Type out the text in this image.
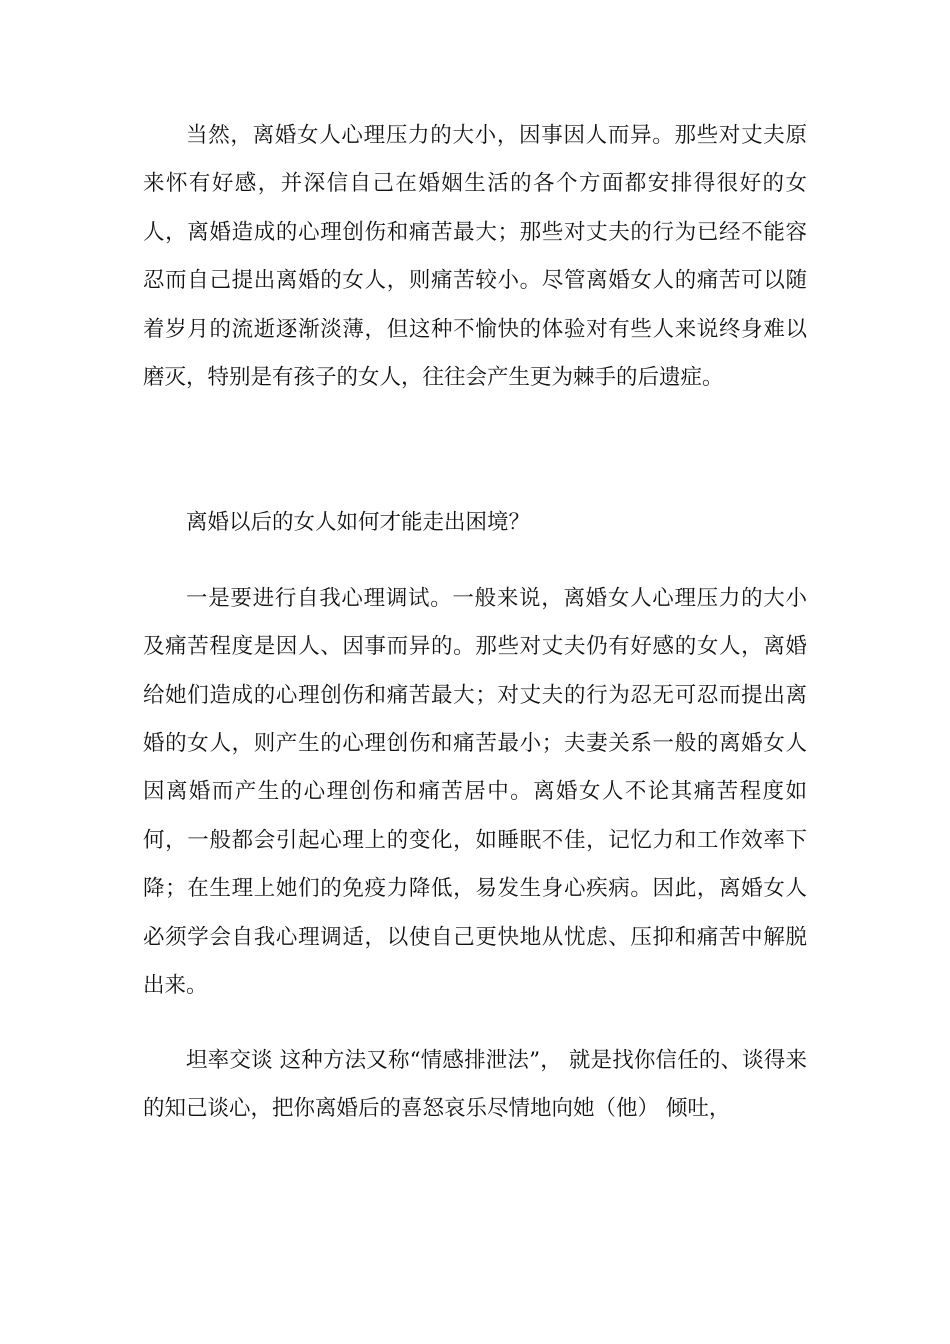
当然，离婚女人心理压力的大小，因事因人而异。那些对丈夫原来怀有好感，并深信自己在婚姻生活的各个方面都安排得很好的女人，离婚造成的心理创伤和痛苦最大；那些对丈夫的行为已经不能容忍而自己提出离婚的女人，则痛苦较小。尽管离婚女人的痛苦可以随着岁月的流逝逐渐淡薄，但这种不愉快的体验对有些人来说终身难以磨灭，特别是有孩子的女人，往往会产生更为棘手的后遗症。

离婚以后的女人如何才能走出困境？

一是要进行自我心理调试。一般来说，离婚女人心理压力的大小及痛苦程度是因人、因事而异的。那些对丈夫仍有好感的女人，离婚给她们造成的心理创伤和痛苦最大；对丈夫的行为忍无可忍而提出离婚的女人，则产生的心理创伤和痛苦最小；夫妻关系一般的离婚女人因离婚而产生的心理创伤和痛苦居中。离婚女人不论其痛苦程度如何，一般都会引起心理上的变化，如睡眠不佳，记忆力和工作效率下降；在生理上她们的免疫力降低，易发生身心疾病。因此，离婚女人必须学会自我心理调适，以使自己更快地从忧虑、压抑和痛苦中解脱出来。

坦率交谈 这种方法又称“情感排泄法”， 就是找你信任的、谈得来的知己谈心，把你离婚后的喜怒哀乐尽情地向她（他） 倾吐，
